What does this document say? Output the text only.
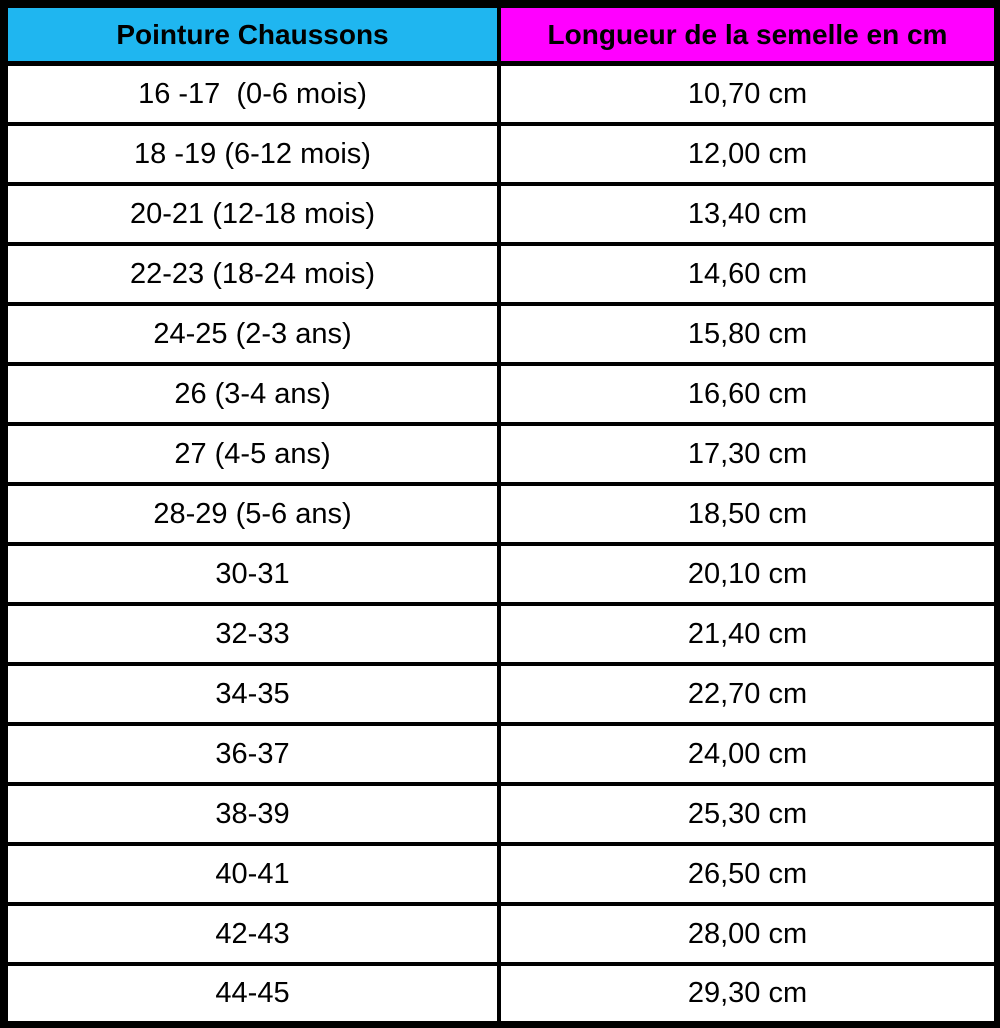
Pointure Chaussons	Longueur de la semelle en cm
16 -17  (0-6 mois)	10,70 cm
18 -19 (6-12 mois)	12,00 cm
20-21 (12-18 mois)	13,40 cm
22-23 (18-24 mois)	14,60 cm
24-25 (2-3 ans)	15,80 cm
26 (3-4 ans)	16,60 cm
27 (4-5 ans)	17,30 cm
28-29 (5-6 ans)	18,50 cm
30-31	20,10 cm
32-33	21,40 cm
34-35	22,70 cm
36-37	24,00 cm
38-39	25,30 cm
40-41	26,50 cm
42-43	28,00 cm
44-45	29,30 cm
